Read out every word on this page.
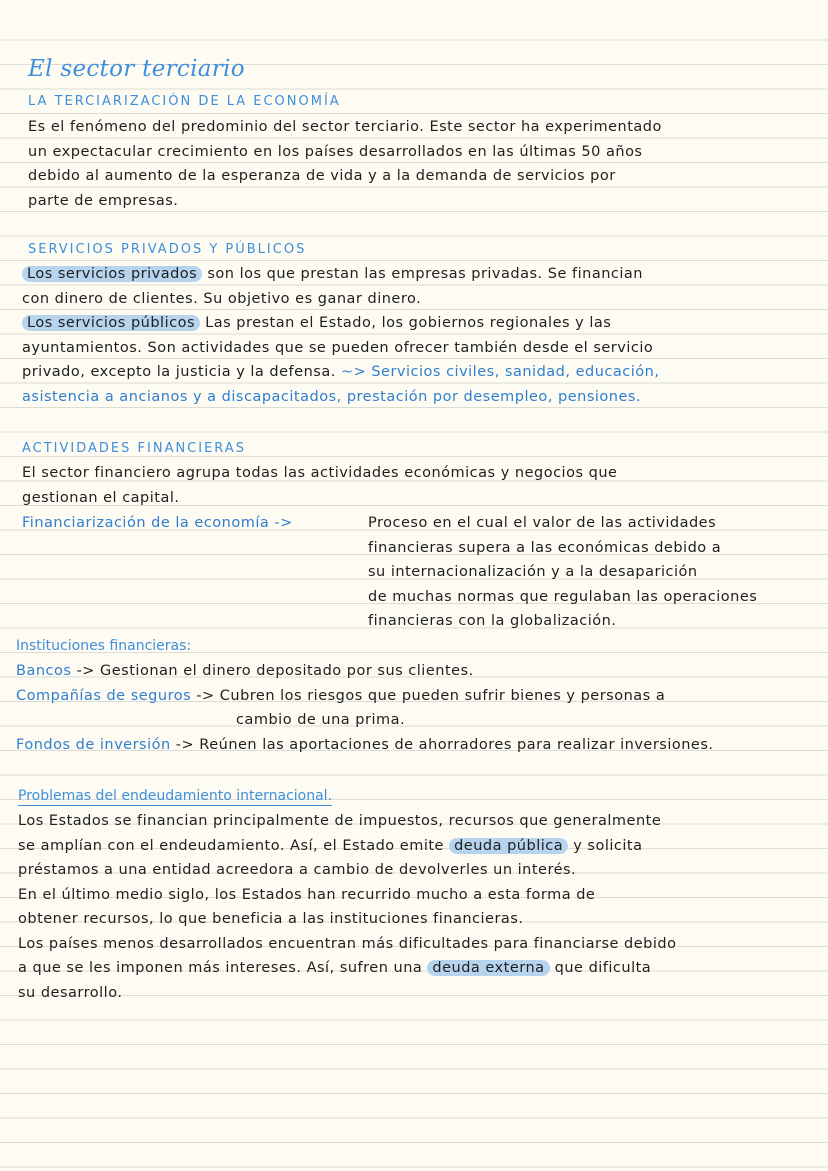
El sector terciario
LA TERCIARIZACIÓN DE LA ECONOMÍA
Es el fenómeno del predominio del sector terciario. Este sector ha experimentado
un expectacular crecimiento en los países desarrollados en las últimas 50 años
debido al aumento de la esperanza de vida y a la demanda de servicios por
parte de empresas.
SERVICIOS PRIVADOS Y PÚBLICOS
Los servicios privados son los que prestan las empresas privadas. Se financian
con dinero de clientes. Su objetivo es ganar dinero.
Los servicios públicos Las prestan el Estado, los gobiernos regionales y las
ayuntamientos. Son actividades que se pueden ofrecer también desde el servicio
privado, excepto la justicia y la defensa. ~> Servicios civiles, sanidad, educación,
asistencia a ancianos y a discapacitados, prestación por desempleo, pensiones.
ACTIVIDADES FINANCIERAS
El sector financiero agrupa todas las actividades económicas y negocios que
gestionan el capital.
Financiarización de la economía ->	Proceso en el cual el valor de las actividades
financieras supera a las económicas debido a
su internacionalización y a la desaparición
de muchas normas que regulaban las operaciones
financieras con la globalización.
Instituciones financieras:
Bancos -> Gestionan el dinero depositado por sus clientes.
Compañías de seguros -> Cubren los riesgos que pueden sufrir bienes y personas a
cambio de una prima.
Fondos de inversión -> Reúnen las aportaciones de ahorradores para realizar inversiones.
Problemas del endeudamiento internacional.
Los Estados se financian principalmente de impuestos, recursos que generalmente
se amplían con el endeudamiento. Así, el Estado emite deuda pública y solicita
préstamos a una entidad acreedora a cambio de devolverles un interés.
En el último medio siglo, los Estados han recurrido mucho a esta forma de
obtener recursos, lo que beneficia a las instituciones financieras.
Los países menos desarrollados encuentran más dificultades para financiarse debido
a que se les imponen más intereses. Así, sufren una deuda externa que dificulta
su desarrollo.
